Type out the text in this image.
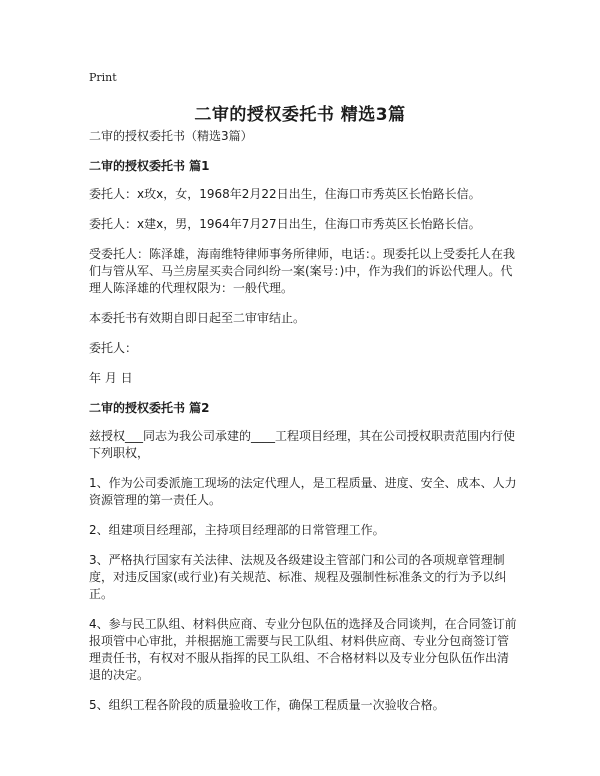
Print
二审的授权委托书 精选3篇

二审的授权委托书（精选3篇）

二审的授权委托书 篇1

委托人：x玫x，女，1968年2月22日出生，住海口市秀英区长怡路长信。

委托人：x建x，男，1964年7月27日出生，住海口市秀英区长怡路长信。

受委托人：陈泽雄，海南维特律师事务所律师，电话：。现委托以上受委托人在我们与管从军、马兰房屋买卖合同纠纷一案(案号：)中，作为我们的诉讼代理人。代理人陈泽雄的代理权限为：一般代理。

本委托书有效期自即日起至二审审结止。

委托人：

年 月 日

二审的授权委托书 篇2

兹授权___同志为我公司承建的____工程项目经理，其在公司授权职责范围内行使下列职权，

1、作为公司委派施工现场的法定代理人，是工程质量、进度、安全、成本、人力资源管理的第一责任人。

2、组建项目经理部，主持项目经理部的日常管理工作。

3、严格执行国家有关法律、法规及各级建设主管部门和公司的各项规章管理制度，对违反国家(或行业)有关规范、标准、规程及强制性标准条文的行为予以纠正。

4、参与民工队组、材料供应商、专业分包队伍的选择及合同谈判，在合同签订前报项管中心审批，并根据施工需要与民工队组、材料供应商、专业分包商签订管理责任书，有权对不服从指挥的民工队组、不合格材料以及专业分包队伍作出清退的决定。

5、组织工程各阶段的质量验收工作，确保工程质量一次验收合格。
